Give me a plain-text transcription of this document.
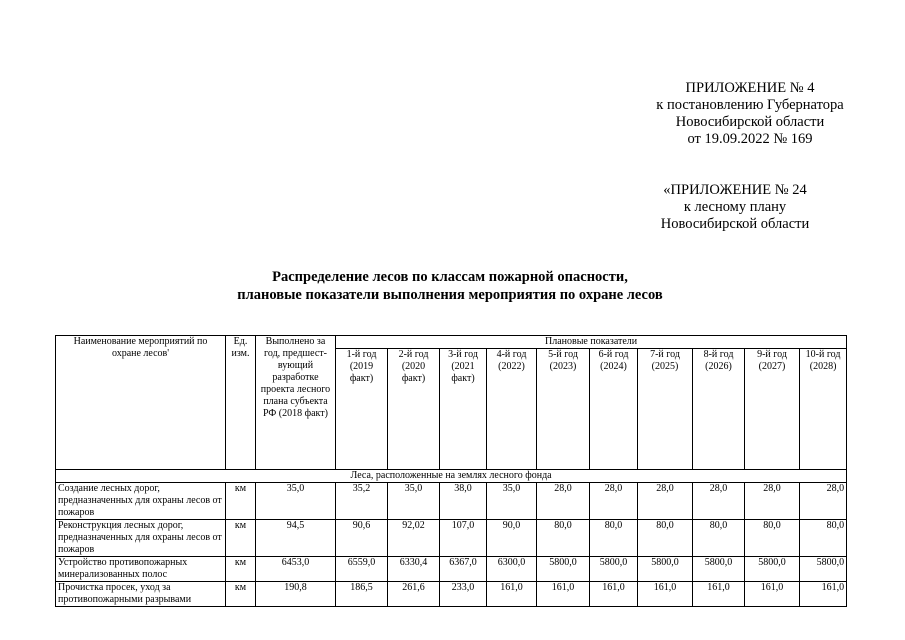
ПРИЛОЖЕНИЕ № 4
к постановлению Губернатора
Новосибирской области
от 19.09.2022 № 169
«ПРИЛОЖЕНИЕ № 24
к лесному плану
Новосибирской области
Распределение лесов по классам пожарной опасности,
плановые показатели выполнения мероприятия по охране лесов
Наименование мероприятий по охране лесов'	Ед. изм.	Выполнено за год, предшест- вующий разработке проекта лесного плана субъекта РФ (2018 факт)	Плановые показатели									
			1-й год (2019 факт)	2-й год (2020 факт)	3-й год (2021 факт)	4-й год (2022)	5-й год (2023)	6-й год (2024)	7-й год (2025)	8-й год (2026)	9-й год (2027)	10-й год (2028)
Леса, расположенные на землях лесного фонда												
Создание лесных дорог, предназначенных для охраны лесов от пожаров	км	35,0	35,2	35,0	38,0	35,0	28,0	28,0	28,0	28,0	28,0	28,0
Реконструкция лесных дорог, предназначенных для охраны лесов от пожаров	км	94,5	90,6	92,02	107,0	90,0	80,0	80,0	80,0	80,0	80,0	80,0
Устройство противопожарных минерализованных полос	км	6453,0	6559,0	6330,4	6367,0	6300,0	5800,0	5800,0	5800,0	5800,0	5800,0	5800,0
Прочистка просек, уход за противопожарными разрывами	км	190,8	186,5	261,6	233,0	161,0	161,0	161,0	161,0	161,0	161,0	161,0
